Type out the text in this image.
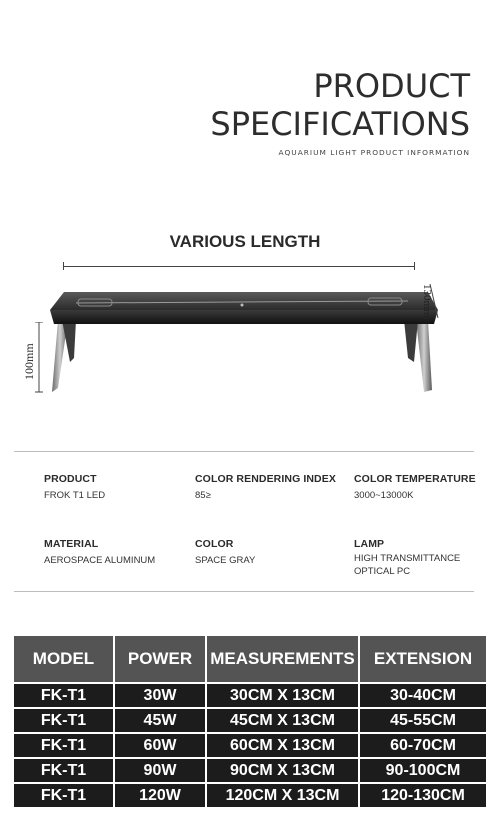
PRODUCT
SPECIFICATIONS
AQUARIUM LIGHT PRODUCT INFORMATION
VARIOUS LENGTH
130mm
100mm
PRODUCT
FROK T1 LED
COLOR RENDERING INDEX
85≥
COLOR TEMPERATURE
3000~13000K
MATERIAL
AEROSPACE ALUMINUM
COLOR
SPACE GRAY
LAMP
HIGH TRANSMITTANCE
OPTICAL PC
MODEL	POWER	MEASUREMENTS	EXTENSION
FK-T1	30W	30CM X 13CM	30-40CM
FK-T1	45W	45CM X 13CM	45-55CM
FK-T1	60W	60CM X 13CM	60-70CM
FK-T1	90W	90CM X 13CM	90-100CM
FK-T1	120W	120CM X 13CM	120-130CM
